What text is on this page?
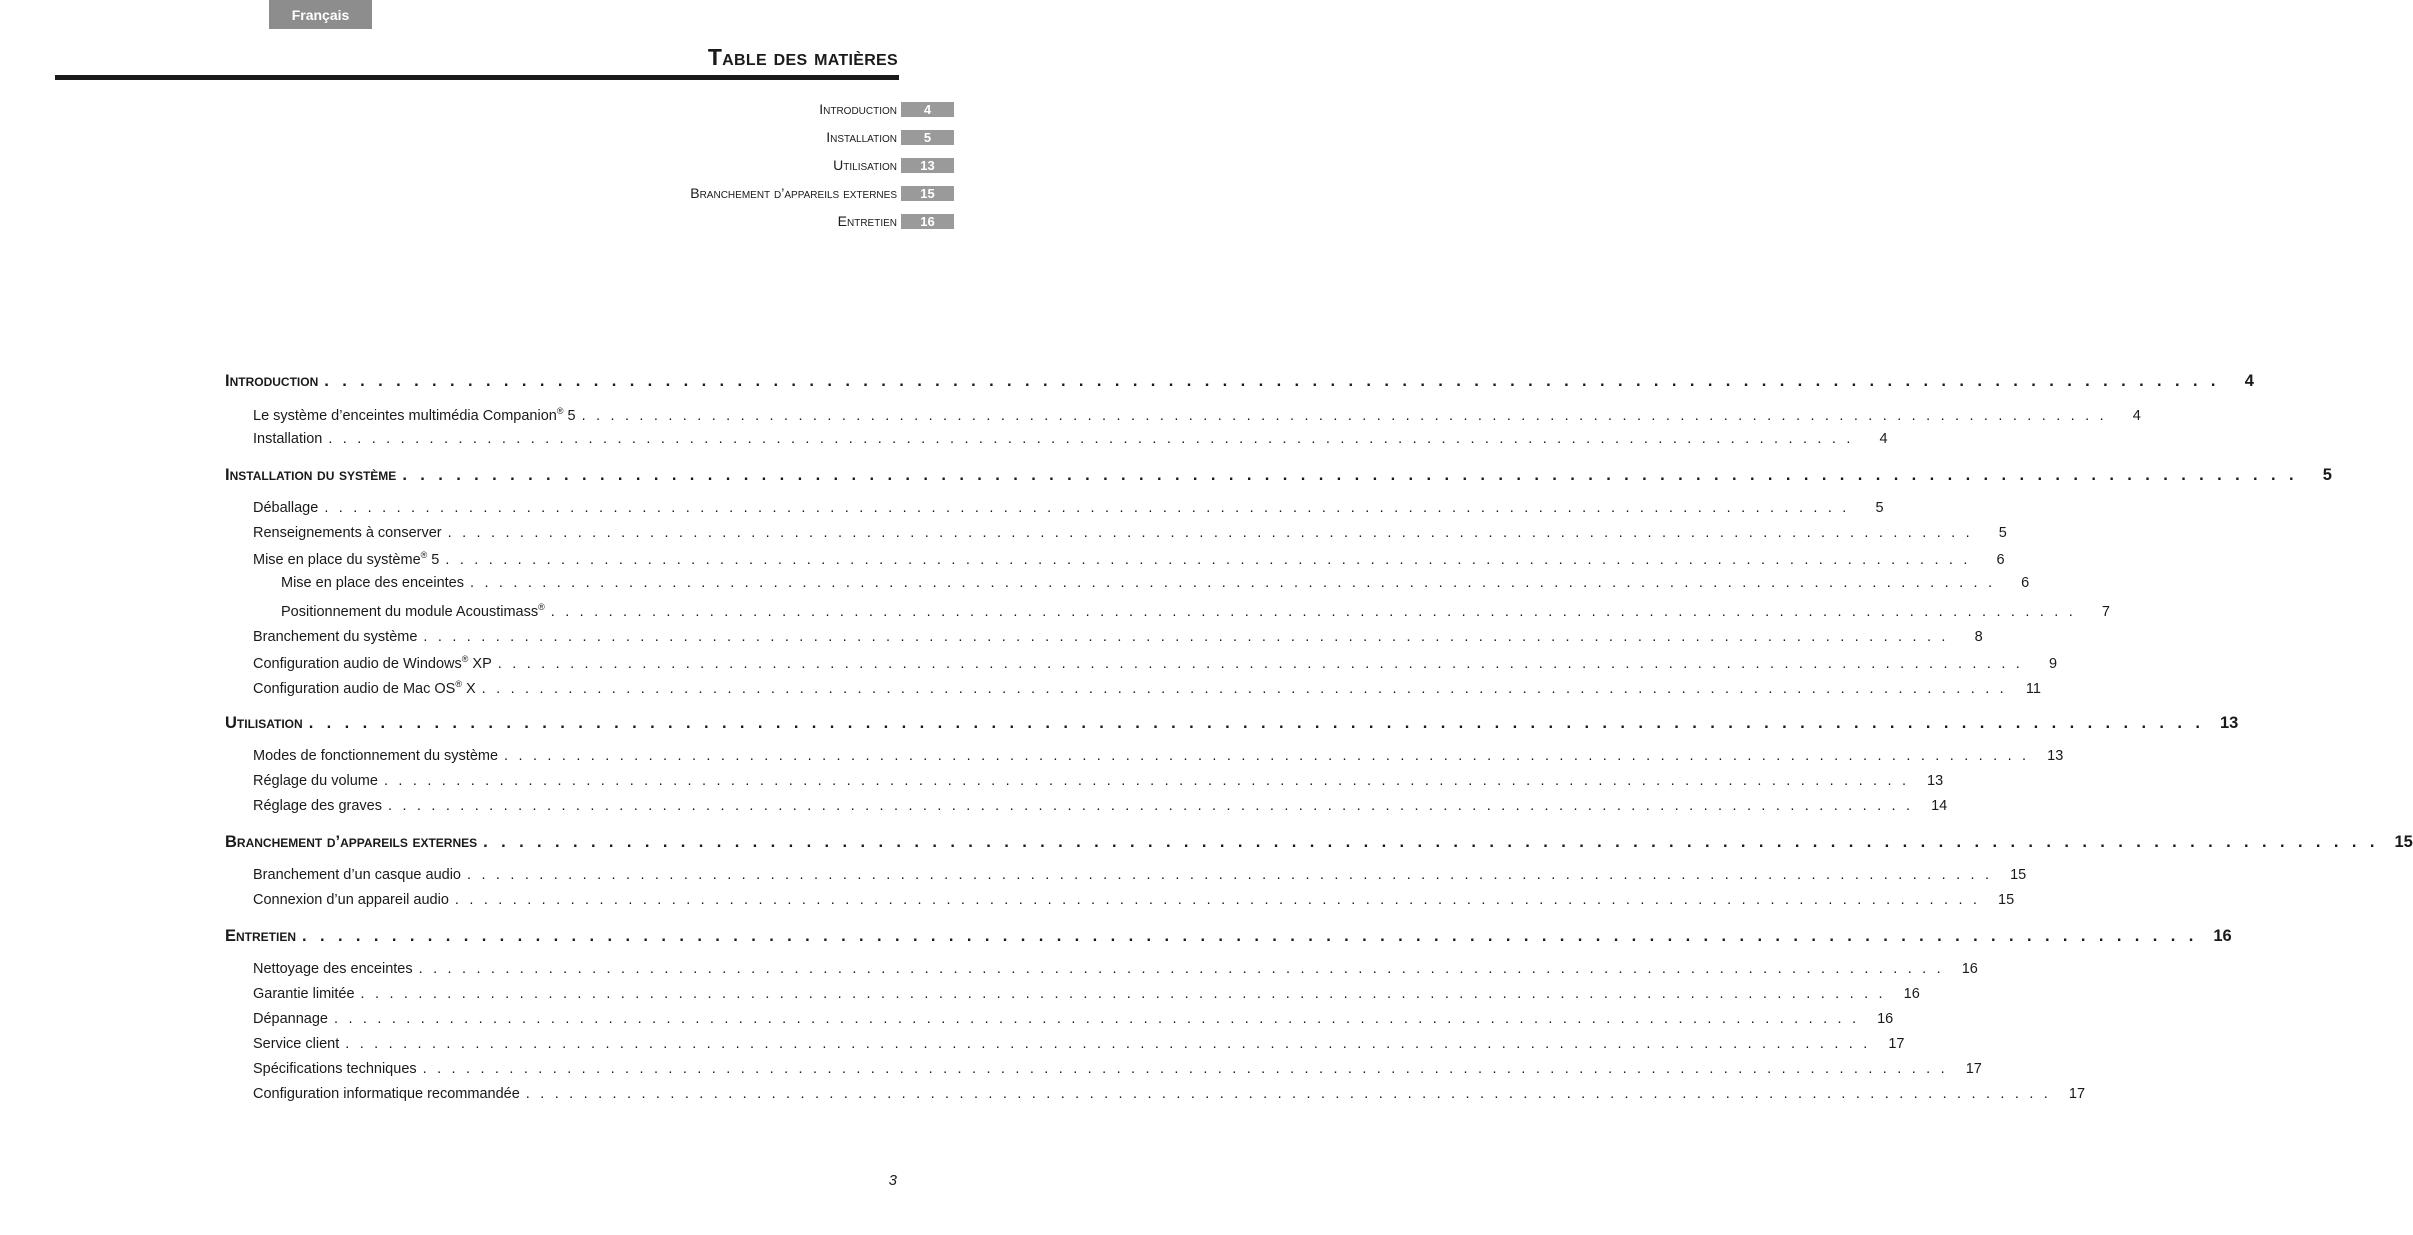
Français
Table des matières
Introduction	4
Installation	5
Utilisation	13
Branchement d’appareils externes	15
Entretien	16
Introduction . . . . . . . . . . . . . . . . . . . . . . . . . . . . . . . . . . . . . . . . . . . . . . . . . . . . . . . . . . . . . . . . . . . . . . . . . . . . . . . . . . . . . . . . . . . . . . . . . . . . . . . . . .	4
Le système d’enceintes multimédia Companion® 5 . . . . . . . . . . . . . . . . . . . . . . . . . . . . . . . . . . . . . . . . . . . . . . . . . . . . . . . . . . . . . . . . . . . . . . . . . . . . . . . . . . . . . . . . . . . . . . . . . . . . . . . . . .	4
Installation . . . . . . . . . . . . . . . . . . . . . . . . . . . . . . . . . . . . . . . . . . . . . . . . . . . . . . . . . . . . . . . . . . . . . . . . . . . . . . . . . . . . . . . . . . . . . . . . . . . . . . . . . .	4
Installation du système . . . . . . . . . . . . . . . . . . . . . . . . . . . . . . . . . . . . . . . . . . . . . . . . . . . . . . . . . . . . . . . . . . . . . . . . . . . . . . . . . . . . . . . . . . . . . . . . . . . . . . . . . .	5
Déballage . . . . . . . . . . . . . . . . . . . . . . . . . . . . . . . . . . . . . . . . . . . . . . . . . . . . . . . . . . . . . . . . . . . . . . . . . . . . . . . . . . . . . . . . . . . . . . . . . . . . . . . . . .	5
Renseignements à conserver . . . . . . . . . . . . . . . . . . . . . . . . . . . . . . . . . . . . . . . . . . . . . . . . . . . . . . . . . . . . . . . . . . . . . . . . . . . . . . . . . . . . . . . . . . . . . . . . . . . . . . . . . .	5
Mise en place du système® 5 . . . . . . . . . . . . . . . . . . . . . . . . . . . . . . . . . . . . . . . . . . . . . . . . . . . . . . . . . . . . . . . . . . . . . . . . . . . . . . . . . . . . . . . . . . . . . . . . . . . . . . . . . .	6
Mise en place des enceintes . . . . . . . . . . . . . . . . . . . . . . . . . . . . . . . . . . . . . . . . . . . . . . . . . . . . . . . . . . . . . . . . . . . . . . . . . . . . . . . . . . . . . . . . . . . . . . . . . . . . . . . . . .	6
Positionnement du module Acoustimass® . . . . . . . . . . . . . . . . . . . . . . . . . . . . . . . . . . . . . . . . . . . . . . . . . . . . . . . . . . . . . . . . . . . . . . . . . . . . . . . . . . . . . . . . . . . . . . . . . . . . . . . . . .	7
Branchement du système . . . . . . . . . . . . . . . . . . . . . . . . . . . . . . . . . . . . . . . . . . . . . . . . . . . . . . . . . . . . . . . . . . . . . . . . . . . . . . . . . . . . . . . . . . . . . . . . . . . . . . . . . .	8
Configuration audio de Windows® XP . . . . . . . . . . . . . . . . . . . . . . . . . . . . . . . . . . . . . . . . . . . . . . . . . . . . . . . . . . . . . . . . . . . . . . . . . . . . . . . . . . . . . . . . . . . . . . . . . . . . . . . . . .	9
Configuration audio de Mac OS® X . . . . . . . . . . . . . . . . . . . . . . . . . . . . . . . . . . . . . . . . . . . . . . . . . . . . . . . . . . . . . . . . . . . . . . . . . . . . . . . . . . . . . . . . . . . . . . . . . . . . . . . . . .	11
Utilisation . . . . . . . . . . . . . . . . . . . . . . . . . . . . . . . . . . . . . . . . . . . . . . . . . . . . . . . . . . . . . . . . . . . . . . . . . . . . . . . . . . . . . . . . . . . . . . . . . . . . . . . . . . 13
Modes de fonctionnement du système . . . . . . . . . . . . . . . . . . . . . . . . . . . . . . . . . . . . . . . . . . . . . . . . . . . . . . . . . . . . . . . . . . . . . . . . . . . . . . . . . . . . . . . . . . . . . . . . . . . . . . . . . .	13
Réglage du volume . . . . . . . . . . . . . . . . . . . . . . . . . . . . . . . . . . . . . . . . . . . . . . . . . . . . . . . . . . . . . . . . . . . . . . . . . . . . . . . . . . . . . . . . . . . . . . . . . . . . . . . . . .	13
Réglage des graves . . . . . . . . . . . . . . . . . . . . . . . . . . . . . . . . . . . . . . . . . . . . . . . . . . . . . . . . . . . . . . . . . . . . . . . . . . . . . . . . . . . . . . . . . . . . . . . . . . . . . . . . . .	14
Branchement d’appareils externes . . . . . . . . . . . . . . . . . . . . . . . . . . . . . . . . . . . . . . . . . . . . . . . . . . . . . . . . . . . . . . . . . . . . . . . . . . . . . . . . . . . . . . . . . . . . . . . . . . . . . . . . . . 15
Branchement d’un casque audio . . . . . . . . . . . . . . . . . . . . . . . . . . . . . . . . . . . . . . . . . . . . . . . . . . . . . . . . . . . . . . . . . . . . . . . . . . . . . . . . . . . . . . . . . . . . . . . . . . . . . . . . . .	15
Connexion d’un appareil audio . . . . . . . . . . . . . . . . . . . . . . . . . . . . . . . . . . . . . . . . . . . . . . . . . . . . . . . . . . . . . . . . . . . . . . . . . . . . . . . . . . . . . . . . . . . . . . . . . . . . . . . . . .	15
Entretien . . . . . . . . . . . . . . . . . . . . . . . . . . . . . . . . . . . . . . . . . . . . . . . . . . . . . . . . . . . . . . . . . . . . . . . . . . . . . . . . . . . . . . . . . . . . . . . . . . . . . . . . . . 16
Nettoyage des enceintes . . . . . . . . . . . . . . . . . . . . . . . . . . . . . . . . . . . . . . . . . . . . . . . . . . . . . . . . . . . . . . . . . . . . . . . . . . . . . . . . . . . . . . . . . . . . . . . . . . . . . . . . . .	16
Garantie limitée . . . . . . . . . . . . . . . . . . . . . . . . . . . . . . . . . . . . . . . . . . . . . . . . . . . . . . . . . . . . . . . . . . . . . . . . . . . . . . . . . . . . . . . . . . . . . . . . . . . . . . . . . .	16
Dépannage . . . . . . . . . . . . . . . . . . . . . . . . . . . . . . . . . . . . . . . . . . . . . . . . . . . . . . . . . . . . . . . . . . . . . . . . . . . . . . . . . . . . . . . . . . . . . . . . . . . . . . . . . .	16
Service client . . . . . . . . . . . . . . . . . . . . . . . . . . . . . . . . . . . . . . . . . . . . . . . . . . . . . . . . . . . . . . . . . . . . . . . . . . . . . . . . . . . . . . . . . . . . . . . . . . . . . . . . . .	17
Spécifications techniques . . . . . . . . . . . . . . . . . . . . . . . . . . . . . . . . . . . . . . . . . . . . . . . . . . . . . . . . . . . . . . . . . . . . . . . . . . . . . . . . . . . . . . . . . . . . . . . . . . . . . . . . . .	17
Configuration informatique recommandée . . . . . . . . . . . . . . . . . . . . . . . . . . . . . . . . . . . . . . . . . . . . . . . . . . . . . . . . . . . . . . . . . . . . . . . . . . . . . . . . . . . . . . . . . . . . . . . . . . . . . . . . . .	17
3
